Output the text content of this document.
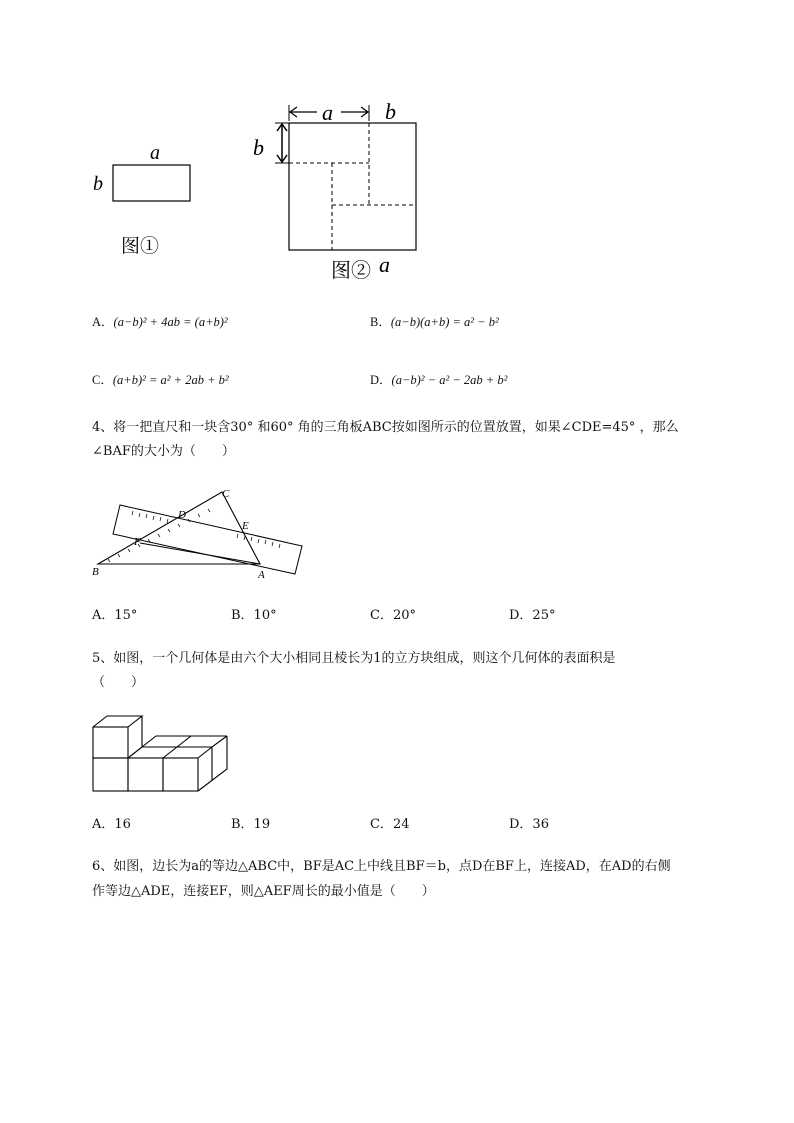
a
b
图①
a b
b
图② a
A．(a−b)² + 4ab = (a+b)²	B．(a−b)(a+b) = a² − b²
C．(a+b)² = a² + 2ab + b²	D．(a−b)² − a² − 2ab + b²
4、将一把直尺和一块含30° 和60° 角的三角板ABC按如图所示的位置放置，如果∠CDE=45° ，那么
∠BAF的大小为（　　）
B	A
C
D
E
F
A．15°	B．10°	C．20°	D．25°
5、如图，一个几何体是由六个大小相同且棱长为1的立方块组成，则这个几何体的表面积是
（　　）
A．16	B．19	C．24	D．36
6、如图，边长为a的等边△ABC中，BF是AC上中线且BF＝b，点D在BF上，连接AD，在AD的右侧
作等边△ADE，连接EF，则△AEF周长的最小值是（　　）
